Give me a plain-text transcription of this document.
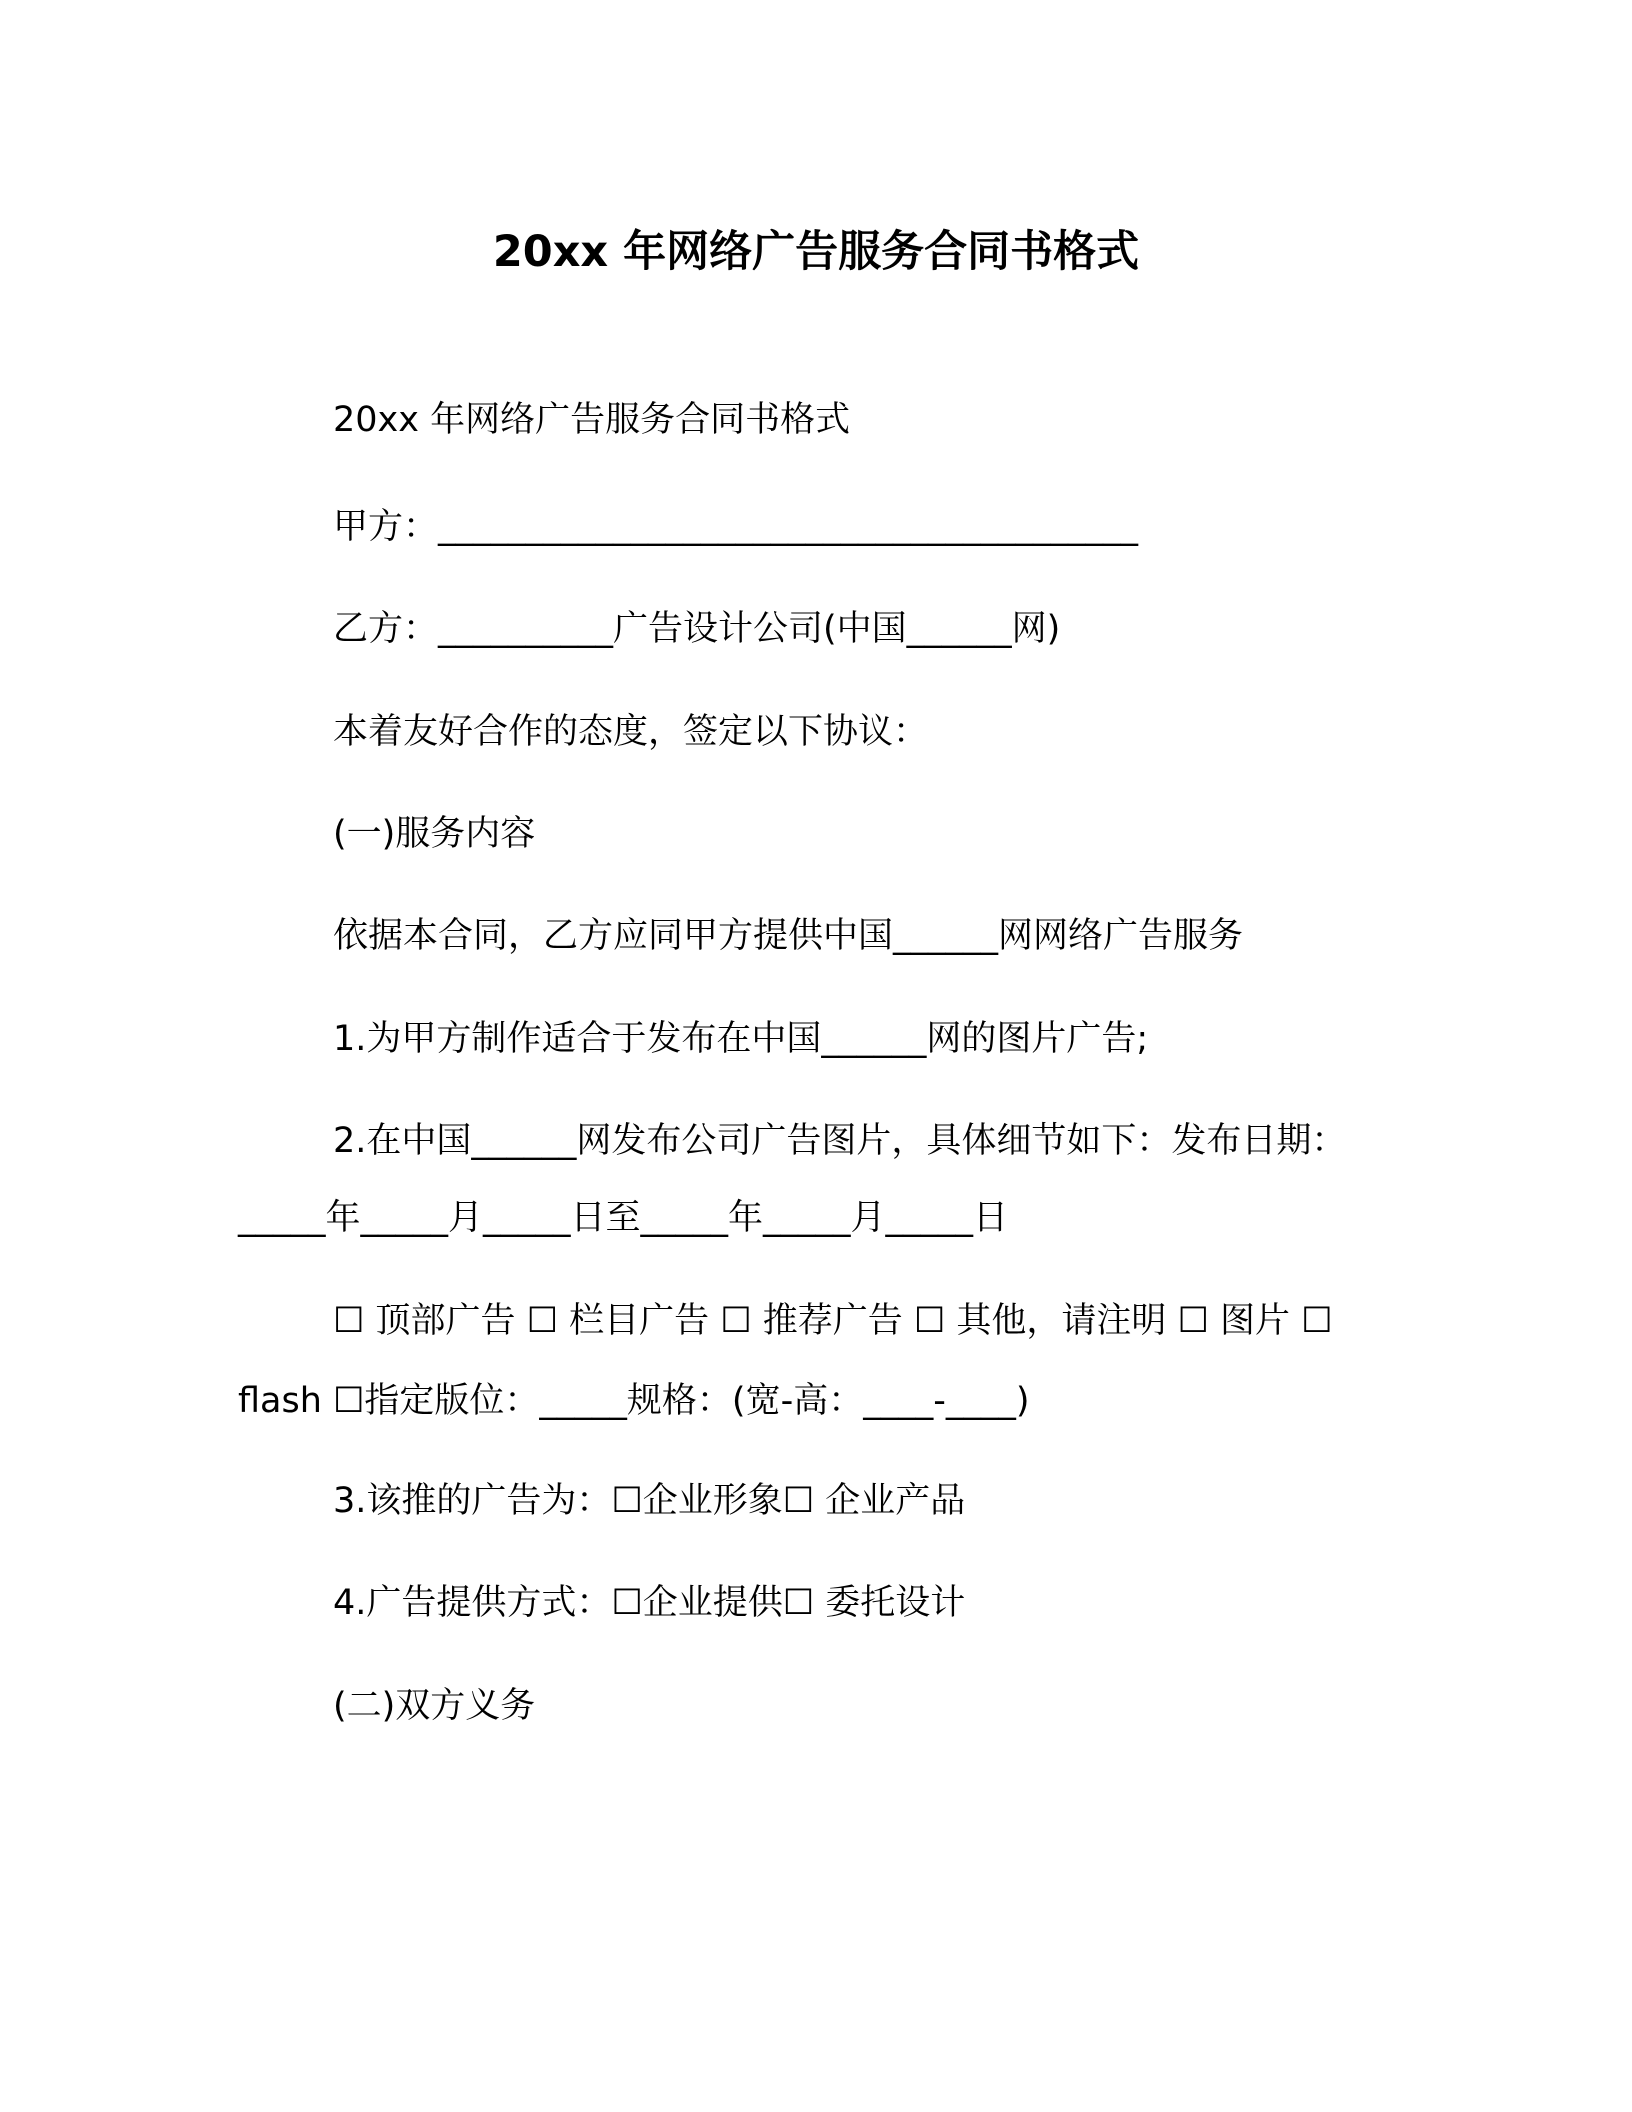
20xx 年网络广告服务合同书格式
20xx 年网络广告服务合同书格式
甲方：________________________________________
乙方：__________广告设计公司(中国______网)
本着友好合作的态度，签定以下协议：
(一)服务内容
依据本合同，乙方应同甲方提供中国______网网络广告服务
1.为甲方制作适合于发布在中国______网的图片广告;
2.在中国______网发布公司广告图片，具体细节如下：发布日期：
_____年_____月_____日至_____年_____月_____日
☐ 顶部广告 ☐ 栏目广告 ☐ 推荐广告 ☐ 其他，请注明 ☐ 图片 ☐
flash ☐指定版位：_____规格：(宽-高：____-____)
3.该推的广告为：☐企业形象☐ 企业产品
4.广告提供方式：☐企业提供☐ 委托设计
(二)双方义务
